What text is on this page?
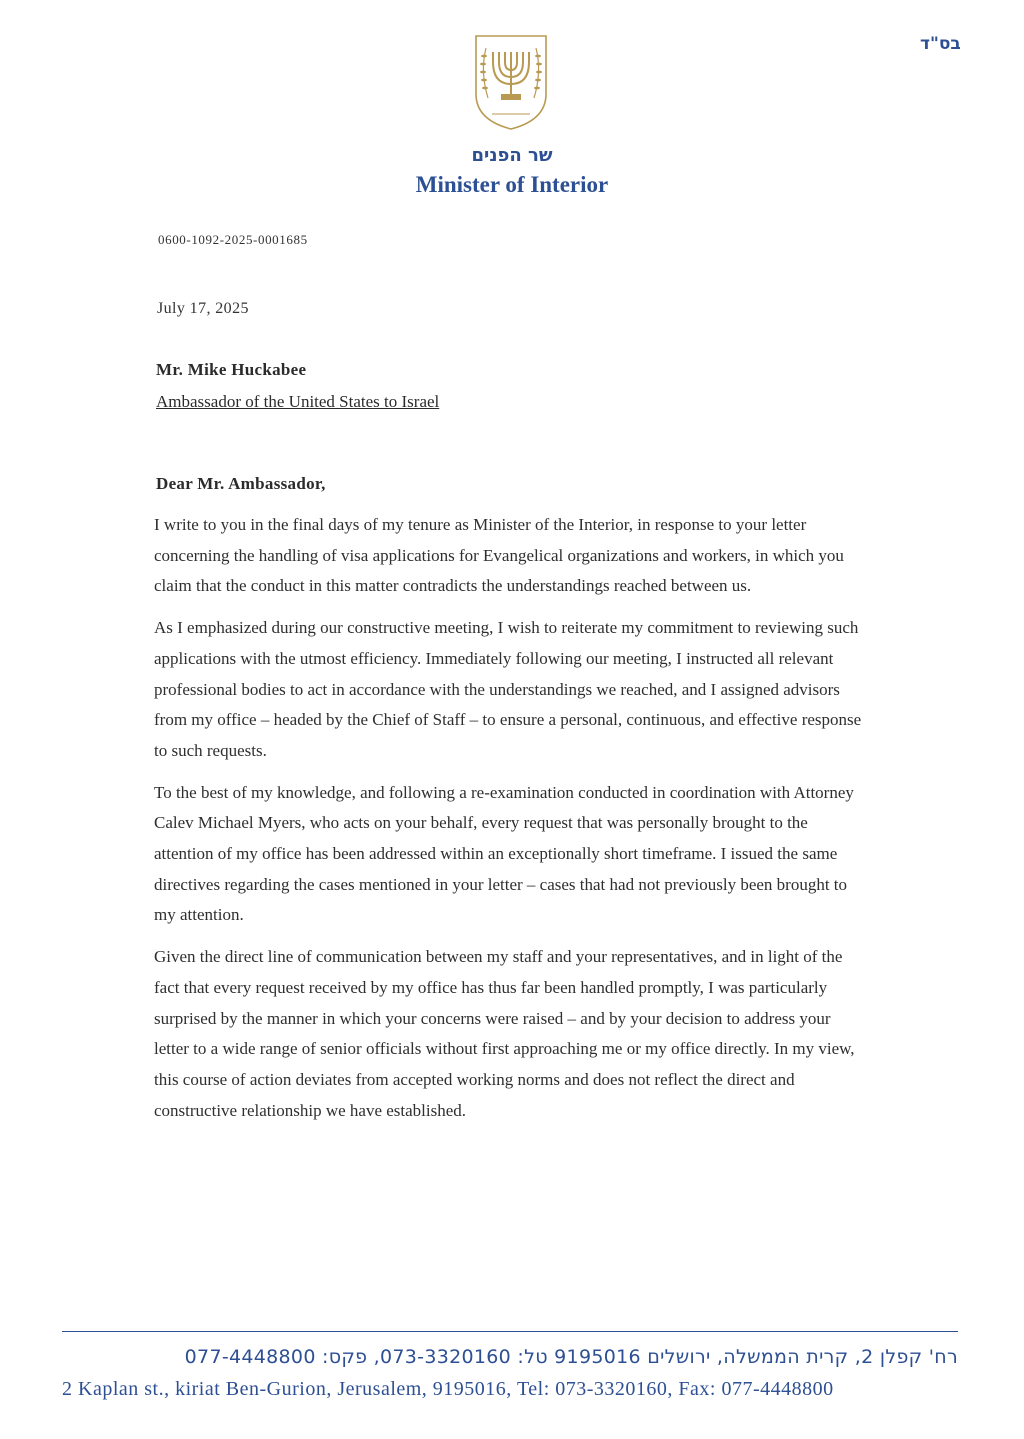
בס"ד
שר הפנים
Minister of Interior
0600-1092-2025-0001685
July 17, 2025
Mr. Mike Huckabee
Ambassador of the United States to Israel
Dear Mr. Ambassador,

I write to you in the final days of my tenure as Minister of the Interior, in response to your letter concerning the handling of visa applications for Evangelical organizations and workers, in which you claim that the conduct in this matter contradicts the understandings reached between us.

As I emphasized during our constructive meeting, I wish to reiterate my commitment to reviewing such applications with the utmost efficiency. Immediately following our meeting, I instructed all relevant professional bodies to act in accordance with the understandings we reached, and I assigned advisors from my office – headed by the Chief of Staff – to ensure a personal, continuous, and effective response to such requests.

To the best of my knowledge, and following a re-examination conducted in coordination with Attorney Calev Michael Myers, who acts on your behalf, every request that was personally brought to the attention of my office has been addressed within an exceptionally short timeframe. I issued the same directives regarding the cases mentioned in your letter – cases that had not previously been brought to my attention.

Given the direct line of communication between my staff and your representatives, and in light of the fact that every request received by my office has thus far been handled promptly, I was particularly surprised by the manner in which your concerns were raised – and by your decision to address your letter to a wide range of senior officials without first approaching me or my office directly. In my view, this course of action deviates from accepted working norms and does not reflect the direct and constructive relationship we have established.

רח' קפלן 2, קרית הממשלה, ירושלים 9195016 טל: 073-3320160, פקס: 077-4448800
2 Kaplan st., kiriat Ben-Gurion, Jerusalem, 9195016, Tel: 073-3320160, Fax: 077-4448800
